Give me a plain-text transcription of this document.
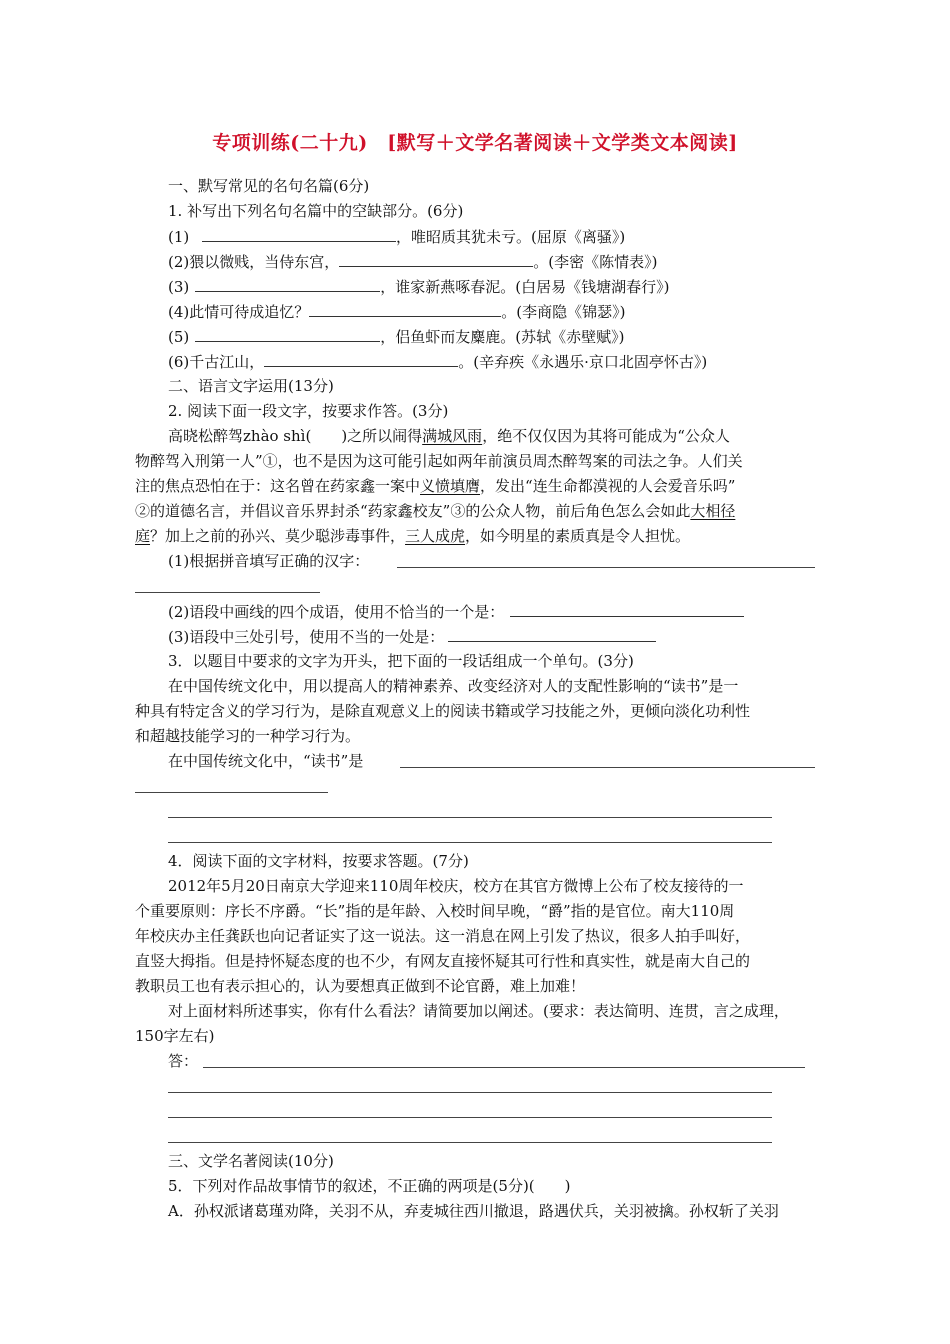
专项训练(二十九)　[默写＋文学名著阅读＋文学类文本阅读]
一、默写常见的名句名篇(6分)
1. 补写出下列名句名篇中的空缺部分。(6分)
(1)	，唯昭质其犹未亏。(屈原《离骚》)
(2)猥以微贱，当侍东宫，	。(李密《陈情表》)
(3)	，谁家新燕啄春泥。(白居易《钱塘湖春行》)
(4)此情可待成追忆？	。(李商隐《锦瑟》)
(5)	，侣鱼虾而友麋鹿。(苏轼《赤壁赋》)
(6)千古江山，	。(辛弃疾《永遇乐·京口北固亭怀古》)
二、语言文字运用(13分)
2. 阅读下面一段文字，按要求作答。(3分)
高晓松醉驾zhào shì(　　)之所以闹得满城风雨，绝不仅仅因为其将可能成为“公众人
物醉驾入刑第一人”①，也不是因为这可能引起如两年前演员周杰醉驾案的司法之争。人们关
注的焦点恐怕在于：这名曾在药家鑫一案中义愤填膺，发出“连生命都漠视的人会爱音乐吗”
②的道德名言，并倡议音乐界封杀“药家鑫校友”③的公众人物，前后角色怎么会如此大相径
庭？加上之前的孙兴、莫少聪涉毒事件，三人成虎，如今明星的素质真是令人担忧。
(1)根据拼音填写正确的汉字：
(2)语段中画线的四个成语，使用不恰当的一个是：
(3)语段中三处引号，使用不当的一处是：
3．以题目中要求的文字为开头，把下面的一段话组成一个单句。(3分)
在中国传统文化中，用以提高人的精神素养、改变经济对人的支配性影响的“读书”是一
种具有特定含义的学习行为，是除直观意义上的阅读书籍或学习技能之外，更倾向淡化功利性
和超越技能学习的一种学习行为。
在中国传统文化中，“读书”是
4．阅读下面的文字材料，按要求答题。(7分)
2012年5月20日南京大学迎来110周年校庆，校方在其官方微博上公布了校友接待的一
个重要原则：序长不序爵。“长”指的是年龄、入校时间早晚，“爵”指的是官位。南大110周
年校庆办主任龚跃也向记者证实了这一说法。这一消息在网上引发了热议，很多人拍手叫好，
直竖大拇指。但是持怀疑态度的也不少，有网友直接怀疑其可行性和真实性，就是南大自己的
教职员工也有表示担心的，认为要想真正做到不论官爵，难上加难！
对上面材料所述事实，你有什么看法？请简要加以阐述。(要求：表达简明、连贯，言之成理，
150字左右)
答：
三、文学名著阅读(10分)
5．下列对作品故事情节的叙述，不正确的两项是(5分)(　　)
A．孙权派诸葛瑾劝降，关羽不从，弃麦城往西川撤退，路遇伏兵，关羽被擒。孙权斩了关羽
